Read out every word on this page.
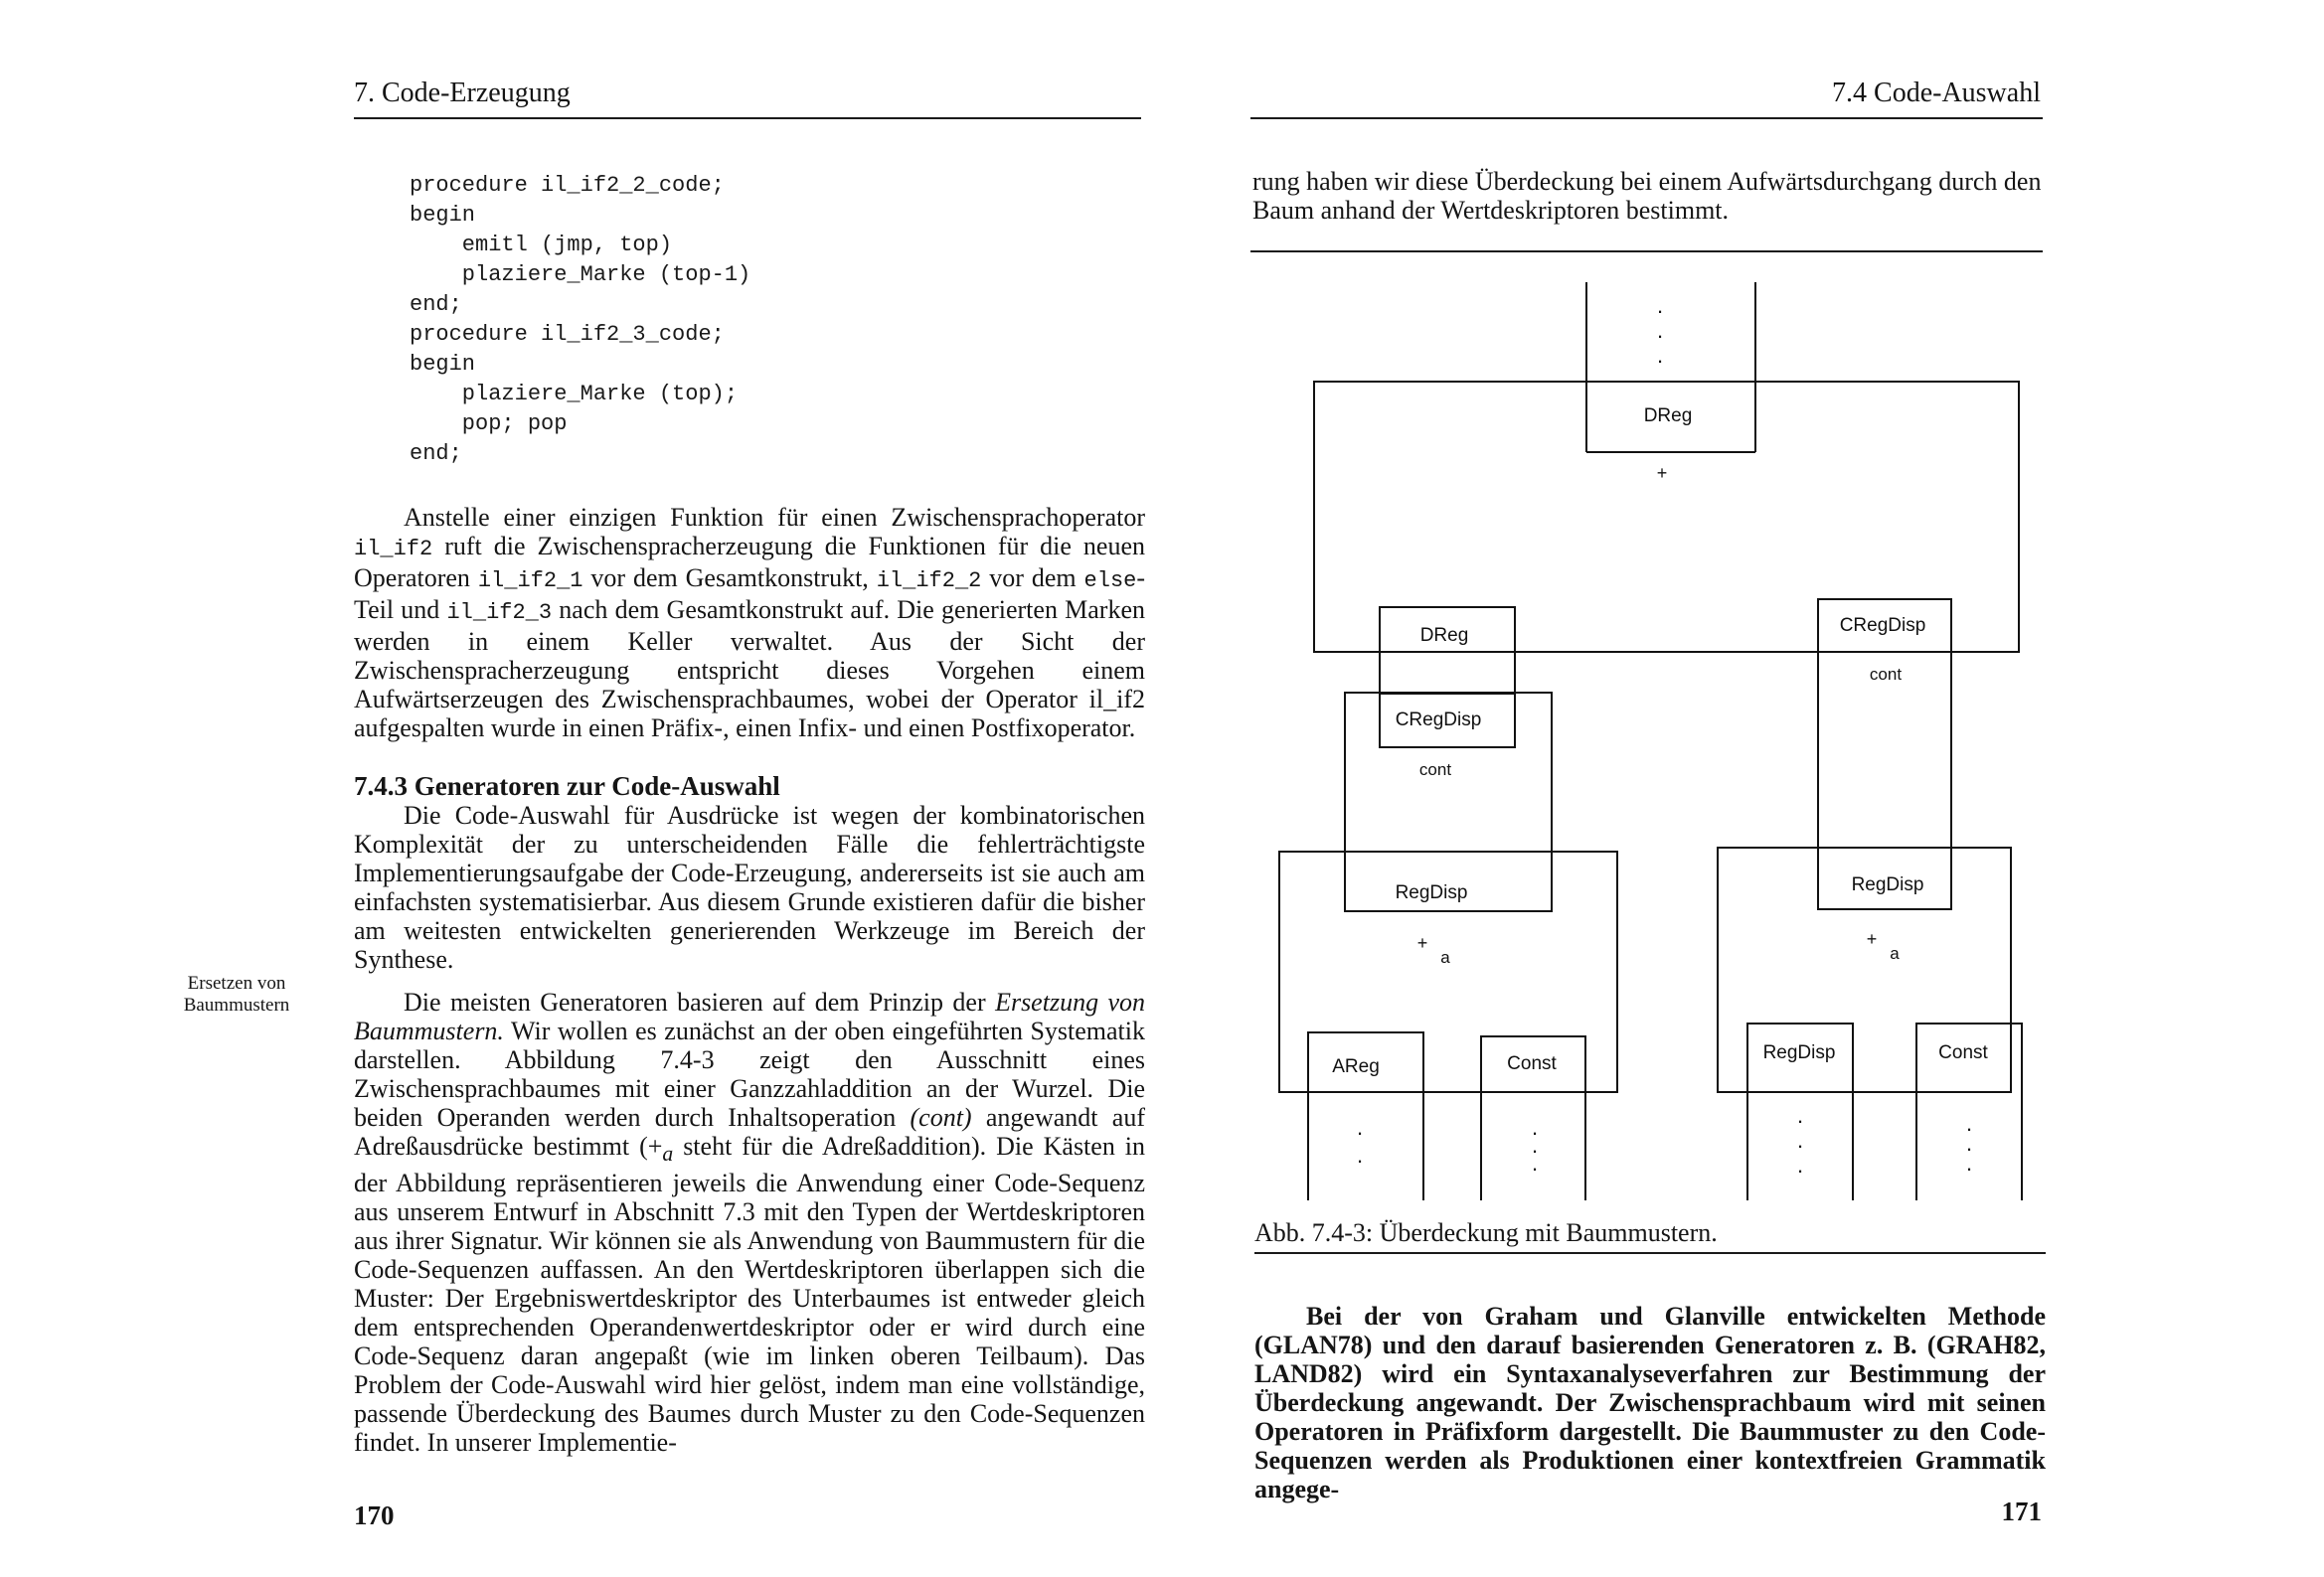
7. Code-Erzeugung
procedure il_if2_2_code;
begin
emitl (jmp, top)
plaziere_Marke (top-1)
end;
procedure il_if2_3_code;
begin
plaziere_Marke (top);
pop; pop
end;

Anstelle einer einzigen Funktion für einen Zwischensprachoperator il_if2 ruft die Zwischenspracherzeugung die Funktionen für die neuen Operatoren il_if2_1 vor dem Gesamtkonstrukt, il_if2_2 vor dem else-Teil und il_if2_3 nach dem Gesamtkonstrukt auf. Die generierten Marken werden in einem Keller verwaltet. Aus der Sicht der Zwischenspracherzeugung entspricht dieses Vorgehen einem Aufwärtserzeugen des Zwischensprachbaumes, wobei der Operator il_if2 aufgespalten wurde in einen Präfix-, einen Infix- und einen Postfixoperator.

7.4.3 Generatoren zur Code-Auswahl

Die Code-Auswahl für Ausdrücke ist wegen der kombinatorischen Komplexität der zu unterscheidenden Fälle die fehlerträchtigste Implementierungsaufgabe der Code-Erzeugung, andererseits ist sie auch am einfachsten systematisierbar. Aus diesem Grunde existieren dafür die bisher am weitesten entwickelten generierenden Werkzeuge im Bereich der Synthese.

Die meisten Generatoren basieren auf dem Prinzip der Ersetzung von Baummustern. Wir wollen es zunächst an der oben eingeführten Systematik darstellen. Abbildung 7.4-3 zeigt den Ausschnitt eines Zwischensprachbaumes mit einer Ganzzahladdition an der Wurzel. Die beiden Operanden werden durch Inhaltsoperation (cont) angewandt auf Adreßausdrücke bestimmt ($+_a$ steht für die Adreßaddition). Die Kästen in der Abbildung repräsentieren jeweils die Anwendung einer Code-Sequenz aus unserem Entwurf in Abschnitt 7.3 mit den Typen der Wertdeskriptoren aus ihrer Signatur. Wir können sie als Anwendung von Baummustern für die Code-Sequenzen auffassen. An den Wertdeskriptoren überlappen sich die Muster: Der Ergebniswertdeskriptor des Unterbaumes ist entweder gleich dem entsprechenden Operandenwertdeskriptor oder er wird durch eine Code-Sequenz daran angepaßt (wie im linken oberen Teilbaum). Das Problem der Code-Auswahl wird hier gelöst, indem man eine vollständige, passende Überdeckung des Baumes durch Muster zu den Code-Sequenzen findet. In unserer Implementie-

Ersetzen von
Baummustern
170
7.4 Code-Auswahl

rung haben wir diese Überdeckung bei einem Aufwärtsdurchgang durch den Baum anhand der Wertdeskriptoren bestimmt.

.
.
.
.
.
.
.
.
.
.
.
.
.
.
DReg
+
DReg
CRegDisp
cont
RegDisp
+
a
AReg	Const
CRegDisp
cont
RegDisp
+
a
RegDisp	Const
Abb. 7.4-3: Überdeckung mit Baummustern.

Bei der von Graham und Glanville entwickelten Methode (GLAN78) und den darauf basierenden Generatoren z. B. (GRAH82, LAND82) wird ein Syntaxanalyseverfahren zur Bestimmung der Überdeckung angewandt. Der Zwischensprachbaum wird mit seinen Operatoren in Präfixform dargestellt. Die Baummuster zu den Code-Sequenzen werden als Produktionen einer kontextfreien Grammatik angege-

171
